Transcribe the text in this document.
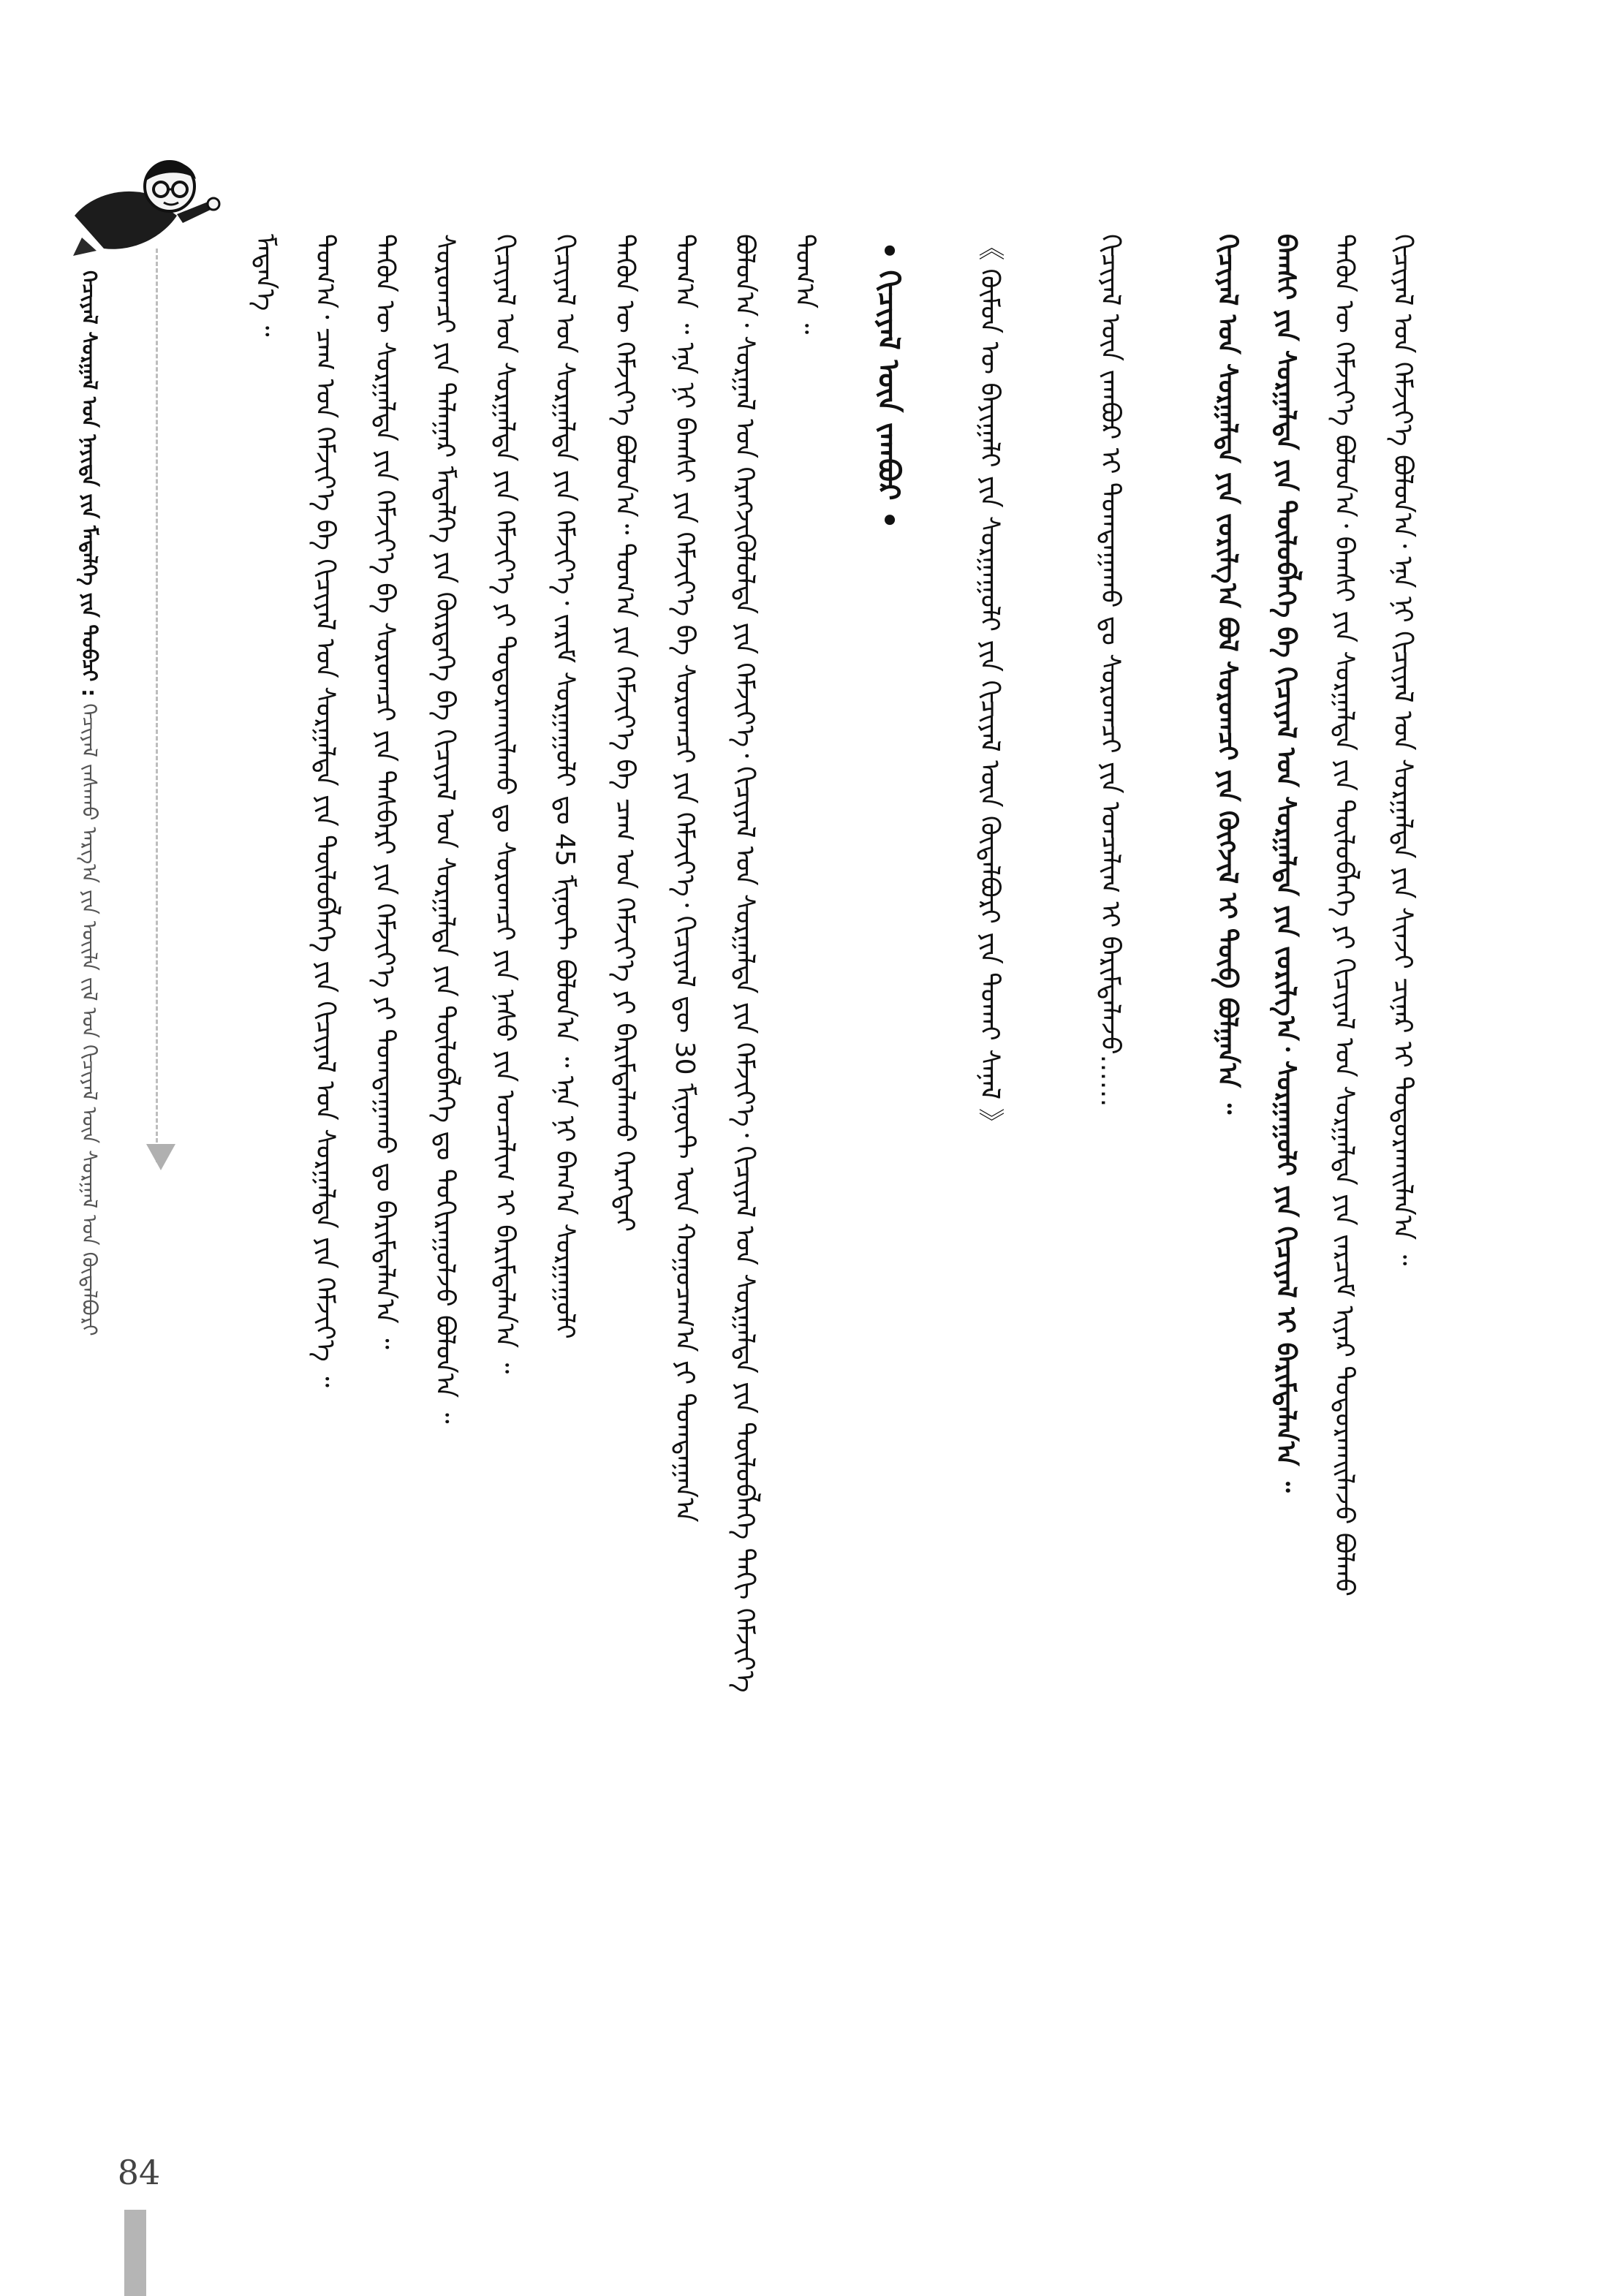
ᠬᠡᠴᠢᠶᠡᠯ ᠰᠤᠷᠭᠠᠯ ᠤᠨ ᠨᠡᠶᠢᠲᠡ ᠶᠢᠨ ᠮᠡᠳᠡᠯᠭᠡ ᠶᠢᠨ ᠲᠣᠪᠴᠢ : ᠬᠡᠴᠢᠶᠡᠯ ᠵᠠᠰᠠᠬᠤ ᠠᠷᠭ᠎ᠠ ᠶᠢᠨ ᠦᠢᠯᠡ ᠵᠢᠯ ᠤᠨ ᠬᠢᠴᠢᠶᠡᠯ ᠦᠨ ᠰᠤᠷᠭᠠᠯ ᠤᠨ ᠬᠥᠲᠡᠯᠪᠦᠷᠢ	ᠬᠢᠴᠢᠶᠡᠯ ᠤᠨ ᠬᠡᠮᠵᠢᠶ᠎ᠡ ᠪᠣᠯᠤᠨ᠎ᠠ᠂ ᠡᠨᠡ ᠨᠢ ᠬᠢᠴᠢᠶᠡᠯ ᠤᠨ ᠰᠤᠷᠭᠠᠯᠲᠠ ᠶᠢᠨ ᠰᠢᠨᠵᠢ ᠴᠢᠨᠠᠷ ᠢ ᠲᠣᠳᠤᠷᠬᠠᠢᠯᠠᠨ᠎ᠠ ᠃
ᠲᠡᠭᠦᠨ ᠦ ᠬᠡᠮᠵᠢᠶ᠎ᠡ ᠪᠣᠯᠤᠨ᠎ᠠ᠂ ᠪᠠᠭᠰᠢ ᠶᠢᠨ ᠰᠤᠷᠭᠠᠯᠲᠠ ᠶᠢᠨ ᠲᠥᠯᠦᠪᠯᠡᠭᠡ ᠶᠢ ᠬᠢᠴᠢᠶᠡᠯ ᠤᠨ ᠰᠤᠷᠭᠠᠯᠲᠠ ᠶᠢᠨ ᠵᠠᠷᠴᠢᠮ ᠢᠶᠠᠷ ᠲᠣᠳᠤᠷᠬᠠᠢᠯᠠᠵᠤ ᠪᠣᠯᠬᠤ
ᠪᠠᠭᠰᠢ ᠶᠢᠨ ᠰᠤᠷᠭᠠᠯᠲᠠ ᠶᠢᠨ ᠲᠥᠯᠦᠪᠯᠡᠭᠡ ᠪᠠ ᠬᠢᠴᠢᠶᠡᠯ ᠤᠨ ᠰᠤᠷᠭᠠᠯᠲᠠ ᠶᠢᠨ ᠵᠣᠷᠢᠯᠭ᠎ᠠ᠂ ᠰᠤᠷᠭᠠᠭᠤᠯᠢ ᠶᠢᠨ ᠬᠢᠴᠢᠶᠡᠯ ᠢ ᠪᠠᠷᠢᠮᠲᠠᠯᠠᠨ᠎ᠠ ᠃
ᠬᠢᠴᠢᠶᠡᠯ ᠤᠨ ᠰᠤᠷᠭᠠᠯᠲᠠ ᠶᠢᠨ ᠵᠣᠷᠢᠯᠭ᠎ᠠ ᠪᠣᠯ ᠰᠤᠷᠤᠭᠴᠢ ᠶᠢᠨ ᠬᠥᠭᠵᠢᠯ ᠢ ᠲᠥᠪ ᠪᠣᠯᠭᠠᠨ᠎ᠠ ᠃
ᠬᠢᠴᠢᠶᠡᠯ ᠦᠨ ᠵᠠᠭᠪᠤᠷ ᠢ ᠲᠣᠭᠲᠠᠭᠠᠬᠤ ᠳᠤ ᠰᠤᠷᠤᠭᠴᠢ ᠶᠢᠨ ᠣᠨᠴᠠᠯᠢᠭ ᠢ ᠪᠠᠷᠢᠮᠲᠠᠯᠠᠵᠤ……
《 ᠬᠥᠮᠦᠨ ᠦ ᠪᠠᠶᠢᠭᠠᠯᠢ ᠶᠢᠨ ᠰᠤᠷᠭᠠᠭᠤᠯᠢ ᠶᠢᠨ ᠬᠢᠴᠢᠶᠡᠯ ᠦᠨ ᠬᠥᠲᠡᠯᠪᠦᠷᠢ ᠶᠢᠨ ᠲᠤᠬᠠᠢ ᠰᠠᠨᠠᠯ 》
• ᠬᠢᠴᠢᠶᠡᠯ ᠦᠨ ᠵᠠᠭᠪᠤᠷ •
ᠲᠣᠭ᠎ᠠ ᠃
ᠪᠣᠯᠤᠨ᠎ᠠ᠂ ᠰᠤᠷᠭᠠᠯ ᠤᠨ ᠬᠡᠷᠡᠭᠵᠢᠭᠦᠯᠦᠯᠲᠡ ᠶᠢᠨ ᠬᠡᠮᠵᠢᠶ᠎ᠡ᠂ ᠬᠢᠴᠢᠶᠡᠯ ᠤᠨ ᠰᠤᠷᠭᠠᠯᠲᠠ ᠶᠢᠨ ᠬᠡᠮᠵᠢᠶ᠎ᠡ᠂ ᠬᠢᠴᠢᠶᠡᠯ ᠤᠨ ᠰᠤᠷᠭᠠᠯᠲᠠ ᠶᠢᠨ ᠲᠥᠯᠦᠪᠯᠡᠭᠡ ᠳᠡᠬᠢ ᠬᠡᠮᠵᠢᠶ᠎ᠡ
ᠲᠣᠭ᠎ᠠ ᠃ ᠡᠨᠡ ᠨᠢ ᠪᠠᠭᠰᠢ ᠶᠢᠨ ᠬᠡᠮᠵᠢᠶ᠎ᠡ ᠪᠠ ᠰᠤᠷᠤᠭᠴᠢ ᠶᠢᠨ ᠬᠡᠮᠵᠢᠶ᠎ᠡ᠂ ᠬᠢᠴᠢᠶᠡᠯ ᠳᠦ 30 ᠮᠢᠨᠦ᠋ᠲ ᠦᠨ ᠬᠤᠭᠤᠴᠠᠭ᠎ᠠ ᠶᠢ ᠲᠣᠭᠲᠠᠭᠠᠨ᠎ᠠ
ᠲᠡᠭᠦᠨ ᠦ ᠬᠡᠮᠵᠢᠶ᠎ᠡ ᠪᠣᠯᠤᠨ᠎ᠠ᠃ ᠲᠣᠭ᠎ᠠ ᠶᠢᠨ ᠬᠡᠮᠵᠢᠶ᠎ᠡ ᠪᠠ ᠴᠠᠭ ᠤᠨ ᠬᠡᠮᠵᠢᠶ᠎ᠡ ᠶᠢ ᠪᠠᠷᠢᠮᠲᠠᠯᠠᠬᠤ ᠬᠡᠷᠡᠭᠲᠡᠢ
ᠬᠢᠴᠢᠶᠡᠯ ᠤᠨ ᠰᠤᠷᠭᠠᠯᠲᠠ ᠶᠢᠨ ᠬᠡᠮᠵᠢᠶ᠎ᠡ᠂ ᠵᠠᠷᠢᠮ ᠰᠤᠷᠭᠠᠭᠤᠯᠢ ᠳᠤ 45 ᠮᠢᠨᠦ᠋ᠲ ᠪᠣᠯᠤᠨ᠎ᠠ ᠃ ᠡᠨᠡ ᠨᠢ ᠪᠠᠭ᠎ᠠ ᠰᠤᠷᠭᠠᠭᠤᠯᠢ
ᠬᠢᠴᠢᠶᠡᠯ ᠤᠨ ᠰᠤᠷᠭᠠᠯᠲᠠ ᠶᠢᠨ ᠬᠡᠮᠵᠢᠶ᠎ᠡ ᠶᠢ ᠲᠣᠳᠤᠷᠬᠠᠢᠯᠠᠬᠤ ᠳᠤ ᠰᠤᠷᠤᠭᠴᠢ ᠶᠢᠨ ᠨᠠᠰᠤ ᠶᠢᠨ ᠣᠨᠴᠠᠯᠢᠭ ᠢ ᠪᠠᠷᠢᠮᠲᠠᠯᠠᠨ᠎ᠠ ᠃
ᠰᠤᠷᠤᠭᠴᠢ ᠶᠢᠨ ᠲᠠᠯᠠᠭᠠᠷ ᠮᠡᠳᠡᠯᠭᠡ ᠶᠢᠨ ᠬᠦᠷᠲᠡᠭᠡ ᠪᠠ ᠬᠢᠴᠢᠶᠡᠯ ᠤᠨ ᠰᠤᠷᠭᠠᠯᠲᠠ ᠶᠢᠨ ᠲᠥᠯᠦᠪᠯᠡᠭᠡ ᠳᠤ ᠲᠣᠬᠢᠷᠠᠭᠤᠯᠵᠤ ᠪᠣᠯᠤᠨ᠎ᠠ ᠃
ᠲᠡᠭᠦᠨ ᠦ ᠰᠤᠷᠭᠠᠯᠲᠠ ᠶᠢᠨ ᠬᠡᠮᠵᠢᠶ᠎ᠡ ᠪᠠ ᠰᠤᠷᠤᠭᠴᠢ ᠶᠢᠨ ᠲᠡᠰᠪᠡᠷᠢ ᠶᠢᠨ ᠬᠡᠮᠵᠢᠶ᠎ᠡ ᠶᠢ ᠲᠣᠭᠲᠠᠭᠠᠬᠤ ᠳᠤ ᠪᠠᠷᠢᠮᠲᠠᠯᠠᠨ᠎ᠠ ᠃
ᠲᠣᠭ᠎ᠠ᠂ ᠴᠠᠭ ᠤᠨ ᠬᠡᠮᠵᠢᠶ᠎ᠡ ᠪᠠ ᠬᠢᠴᠢᠶᠡᠯ ᠤᠨ ᠰᠤᠷᠭᠠᠯᠲᠠ ᠶᠢᠨ ᠲᠥᠯᠦᠪᠯᠡᠭᠡ ᠶᠢᠨ ᠬᠢᠴᠢᠶᠡᠯ ᠤᠨ ᠰᠤᠷᠭᠠᠯᠲᠠ ᠶᠢᠨ ᠬᠡᠮᠵᠢᠶ᠎ᠡ ᠃
ᠮᠡᠳᠡᠨ᠎ᠡ ᠃
84
